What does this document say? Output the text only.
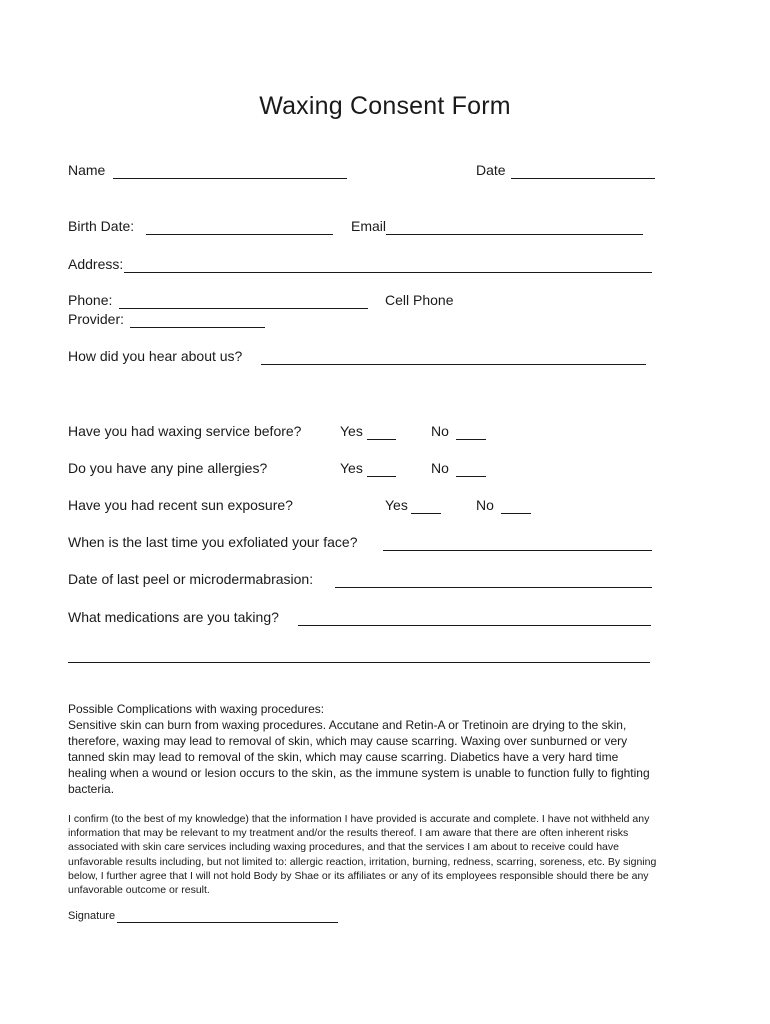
Waxing Consent Form
Name	Date
Birth Date:	Email
Address:
Phone:	Cell Phone
Provider:
How did you hear about us?
Have you had waxing service before?	Yes	No
Do you have any pine allergies?	Yes	No
Have you had recent sun exposure?	Yes	No
When is the last time you exfoliated your face?
Date of last peel or microdermabrasion:
What medications are you taking?
Possible Complications with waxing procedures:
Sensitive skin can burn from waxing procedures. Accutane and Retin-A or Tretinoin are drying to the skin, therefore, waxing may lead to removal of skin, which may cause scarring. Waxing over sunburned or very tanned skin may lead to removal of the skin, which may cause scarring. Diabetics have a very hard time healing when a wound or lesion occurs to the skin, as the immune system is unable to function fully to fighting bacteria.
I confirm (to the best of my knowledge) that the information I have provided is accurate and complete. I have not withheld any information that may be relevant to my treatment and/or the results thereof. I am aware that there are often inherent risks associated with skin care services including waxing procedures, and that the services I am about to receive could have unfavorable results including, but not limited to: allergic reaction, irritation, burning, redness, scarring, soreness, etc. By signing below, I further agree that I will not hold Body by Shae or its affiliates or any of its employees responsible should there be any unfavorable outcome or result.
Signature
